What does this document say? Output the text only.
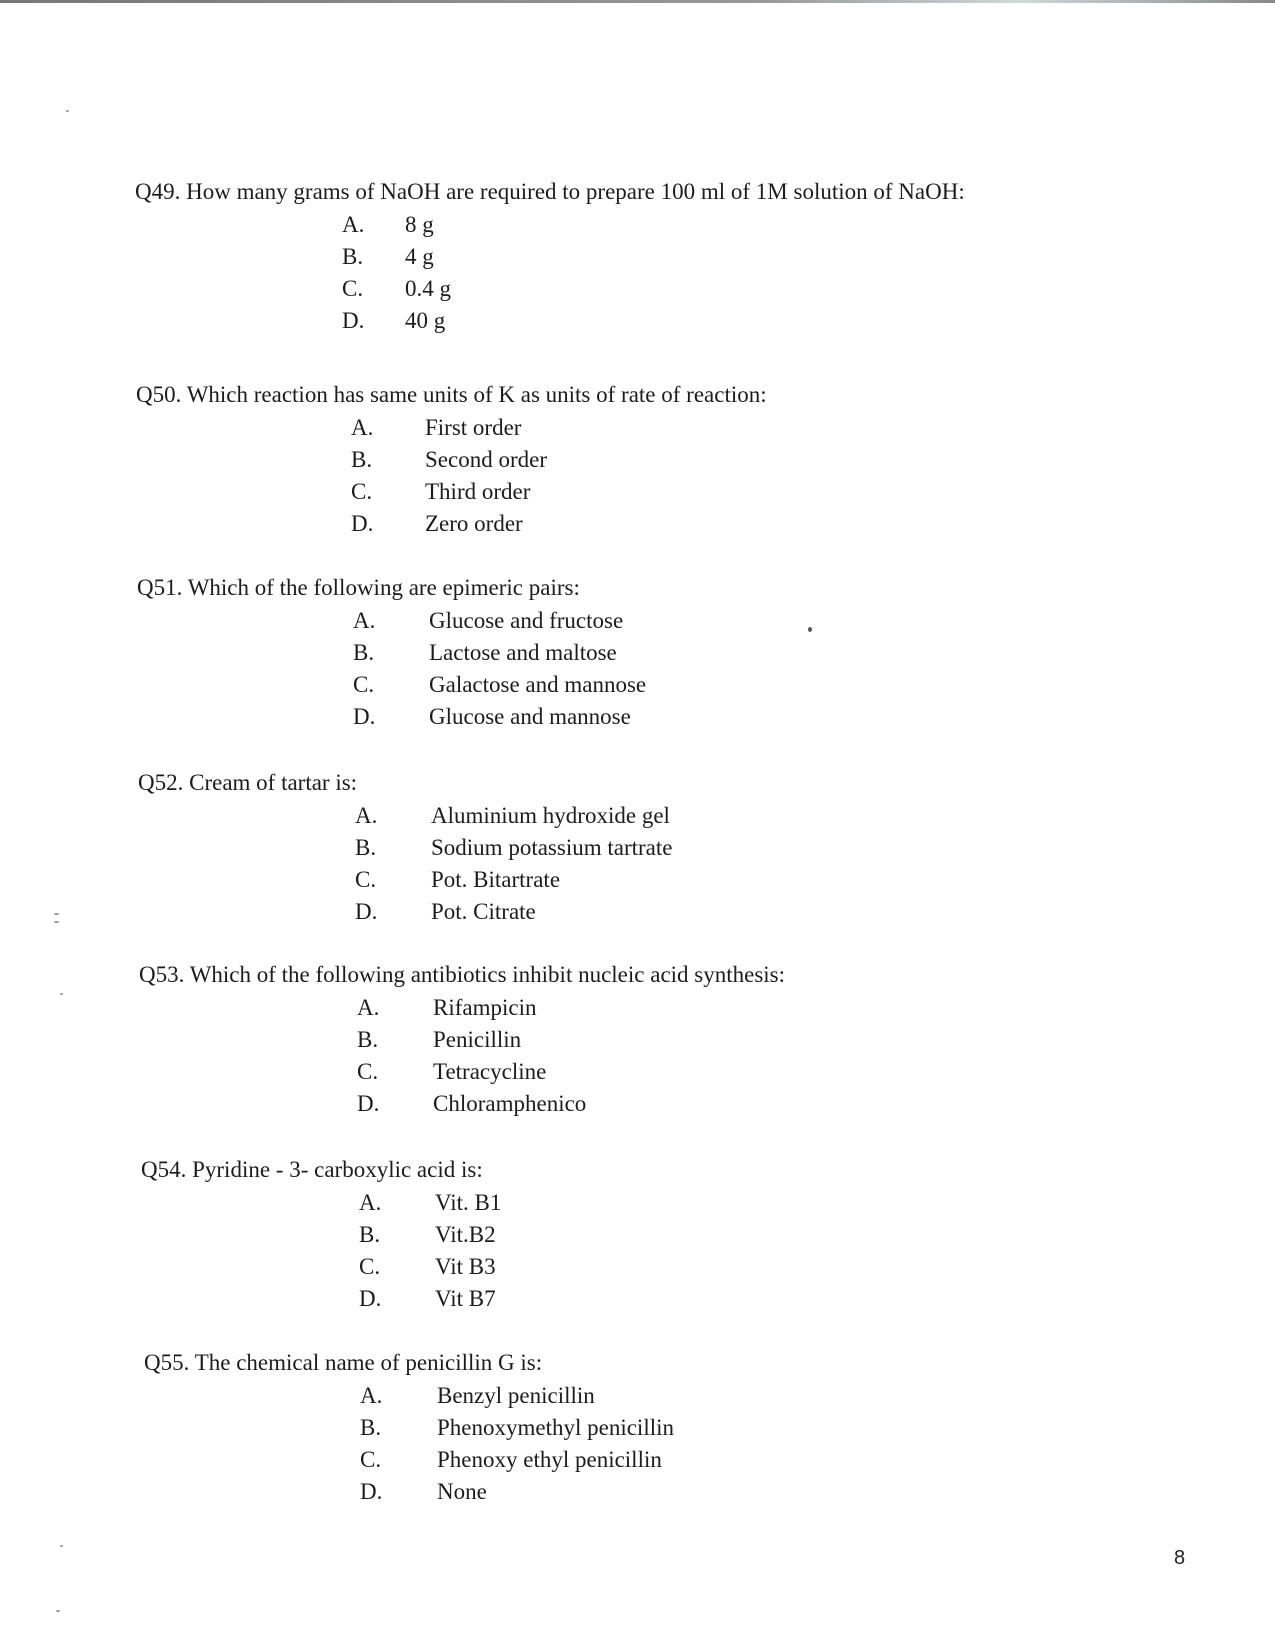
Q49. How many grams of NaOH are required to prepare 100 ml of 1M solution of NaOH:

A. 8 g
B. 4 g
C. 0.4 g
D. 40 g

Q50. Which reaction has same units of K as units of rate of reaction:

A. First order
B. Second order
C. Third order
D. Zero order

Q51. Which of the following are epimeric pairs:

A. Glucose and fructose
B. Lactose and maltose
C. Galactose and mannose
D. Glucose and mannose

Q52. Cream of tartar is:

A. Aluminium hydroxide gel
B. Sodium potassium tartrate
C. Pot. Bitartrate
D. Pot. Citrate

Q53. Which of the following antibiotics inhibit nucleic acid synthesis:

A. Rifampicin
B. Penicillin
C. Tetracycline
D. Chloramphenico

Q54. Pyridine - 3- carboxylic acid is:

A. Vit. B1
B. Vit.B2
C. Vit B3
D. Vit B7

Q55. The chemical name of penicillin G is:

A. Benzyl penicillin
B. Phenoxymethyl penicillin
C. Phenoxy ethyl penicillin
D. None
8
